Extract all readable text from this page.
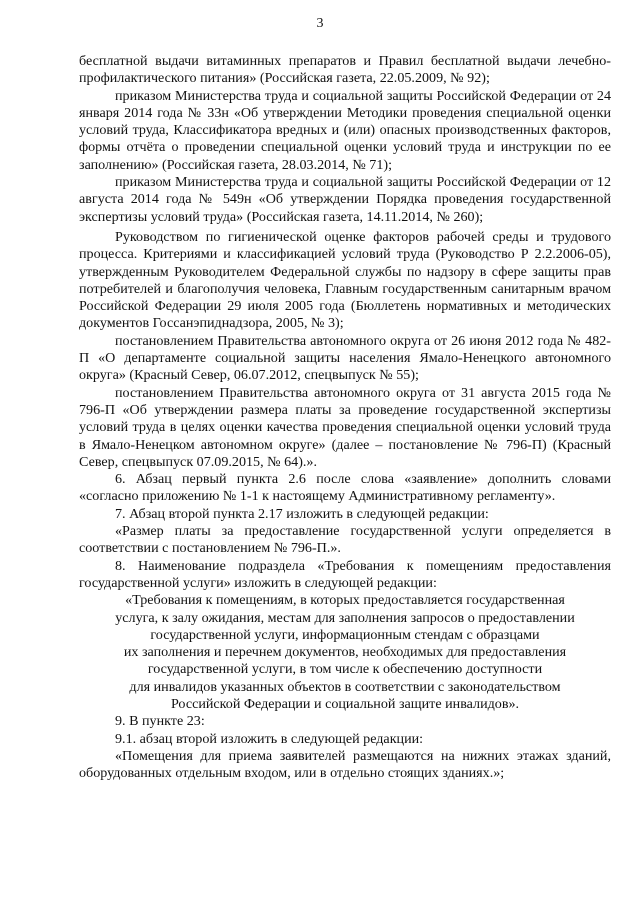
3

бесплатной выдачи витаминных препаратов и Правил бесплатной выдачи лечебно-профилактического питания» (Российская газета, 22.05.2009, № 92);

приказом Министерства труда и социальной защиты Российской Федерации от 24 января 2014 года № 33н «Об утверждении Методики проведения специальной оценки условий труда, Классификатора вредных и (или) опасных производственных факторов, формы отчёта о проведении специальной оценки условий труда и инструкции по ее заполнению» (Российская газета, 28.03.2014, № 71);

приказом Министерства труда и социальной защиты Российской Федерации от 12 августа 2014 года № 549н «Об утверждении Порядка проведения государственной экспертизы условий труда» (Российская газета, 14.11.2014, № 260);

Руководством по гигиенической оценке факторов рабочей среды и трудового процесса. Критериями и классификацией условий труда (Руководство Р 2.2.2006-05), утвержденным Руководителем Федеральной службы по надзору в сфере защиты прав потребителей и благополучия человека, Главным государственным санитарным врачом Российской Федерации 29 июля 2005 года (Бюллетень нормативных и методических документов Госсанэпиднадзора, 2005, № 3);

постановлением Правительства автономного округа от 26 июня 2012 года № 482-П «О департаменте социальной защиты населения Ямало-Ненецкого автономного округа» (Красный Север, 06.07.2012, спецвыпуск № 55);

постановлением Правительства автономного округа от 31 августа 2015 года № 796-П «Об утверждении размера платы за проведение государственной экспертизы условий труда в целях оценки качества проведения специальной оценки условий труда в Ямало-Ненецком автономном округе» (далее – постановление № 796-П) (Красный Север, спецвыпуск 07.09.2015, № 64).».

6. Абзац первый пункта 2.6 после слова «заявление» дополнить словами «согласно приложению № 1-1 к настоящему Административному регламенту».

7. Абзац второй пункта 2.17 изложить в следующей редакции:

«Размер платы за предоставление государственной услуги определяется в соответствии с постановлением № 796-П.».

8. Наименование подраздела «Требования к помещениям предоставления государственной услуги» изложить в следующей редакции:

«Требования к помещениям, в которых предоставляется государственная
услуга, к залу ожидания, местам для заполнения запросов о предоставлении
государственной услуги, информационным стендам с образцами
их заполнения и перечнем документов, необходимых для предоставления
государственной услуги, в том числе к обеспечению доступности
для инвалидов указанных объектов в соответствии с законодательством
Российской Федерации и социальной защите инвалидов».

9. В пункте 23:

9.1. абзац второй изложить в следующей редакции:

«Помещения для приема заявителей размещаются на нижних этажах зданий, оборудованных отдельным входом, или в отдельно стоящих зданиях.»;
